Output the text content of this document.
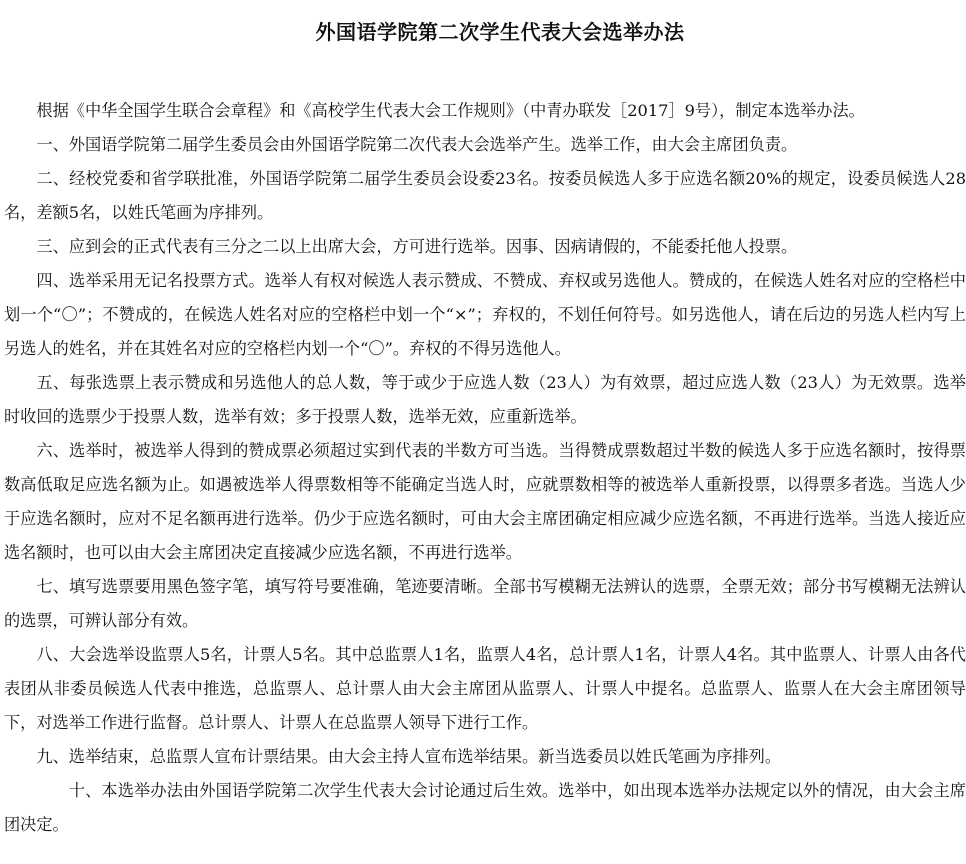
外国语学院第二次学生代表大会选举办法

根据《中华全国学生联合会章程》和《高校学生代表大会工作规则》（中青办联发［2017］9号），制定本选举办法。

一、外国语学院第二届学生委员会由外国语学院第二次代表大会选举产生。选举工作，由大会主席团负责。

二、经校党委和省学联批准，外国语学院第二届学生委员会设委23名。按委员候选人多于应选名额20%的规定，设委员候选人28名，差额5名，以姓氏笔画为序排列。

三、应到会的正式代表有三分之二以上出席大会，方可进行选举。因事、因病请假的，不能委托他人投票。

四、选举采用无记名投票方式。选举人有权对候选人表示赞成、不赞成、弃权或另选他人。赞成的，在候选人姓名对应的空格栏中划一个“〇”；不赞成的，在候选人姓名对应的空格栏中划一个“×”；弃权的，不划任何符号。如另选他人，请在后边的另选人栏内写上另选人的姓名，并在其姓名对应的空格栏内划一个“〇”。弃权的不得另选他人。

五、每张选票上表示赞成和另选他人的总人数，等于或少于应选人数（23人）为有效票，超过应选人数（23人）为无效票。选举时收回的选票少于投票人数，选举有效；多于投票人数，选举无效，应重新选举。

六、选举时，被选举人得到的赞成票必须超过实到代表的半数方可当选。当得赞成票数超过半数的候选人多于应选名额时，按得票数高低取足应选名额为止。如遇被选举人得票数相等不能确定当选人时，应就票数相等的被选举人重新投票，以得票多者选。当选人少于应选名额时，应对不足名额再进行选举。仍少于应选名额时，可由大会主席团确定相应减少应选名额，不再进行选举。当选人接近应选名额时，也可以由大会主席团决定直接减少应选名额，不再进行选举。

七、填写选票要用黑色签字笔，填写符号要准确，笔迹要清晰。全部书写模糊无法辨认的选票，全票无效；部分书写模糊无法辨认的选票，可辨认部分有效。

八、大会选举设监票人5名，计票人5名。其中总监票人1名，监票人4名，总计票人1名，计票人4名。其中监票人、计票人由各代表团从非委员候选人代表中推选，总监票人、总计票人由大会主席团从监票人、计票人中提名。总监票人、监票人在大会主席团领导下，对选举工作进行监督。总计票人、计票人在总监票人领导下进行工作。

九、选举结束，总监票人宣布计票结果。由大会主持人宣布选举结果。新当选委员以姓氏笔画为序排列。

十、本选举办法由外国语学院第二次学生代表大会讨论通过后生效。选举中，如出现本选举办法规定以外的情况，由大会主席团决定。
